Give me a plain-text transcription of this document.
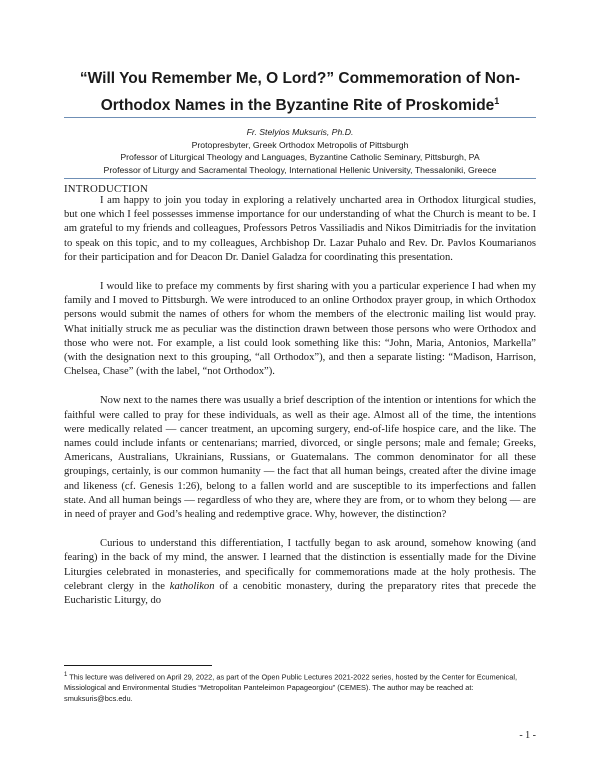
“Will You Remember Me, O Lord?” Commemoration of Non-Orthodox Names in the Byzantine Rite of Proskomide$^1$
Fr. Stelyios Muksuris, Ph.D.
Protopresbyter, Greek Orthodox Metropolis of Pittsburgh
Professor of Liturgical Theology and Languages, Byzantine Catholic Seminary, Pittsburgh, PA
Professor of Liturgy and Sacramental Theology, International Hellenic University, Thessaloniki, Greece
INTRODUCTION

I am happy to join you today in exploring a relatively uncharted area in Orthodox liturgical studies, but one which I feel possesses immense importance for our understanding of what the Church is meant to be. I am grateful to my friends and colleagues, Professors Petros Vassiliadis and Nikos Dimitriadis for the invitation to speak on this topic, and to my colleagues, Archbishop Dr. Lazar Puhalo and Rev. Dr. Pavlos Koumarianos for their participation and for Deacon Dr. Daniel Galadza for coordinating this presentation.

I would like to preface my comments by first sharing with you a particular experience I had when my family and I moved to Pittsburgh. We were introduced to an online Orthodox prayer group, in which Orthodox persons would submit the names of others for whom the members of the electronic mailing list would pray. What initially struck me as peculiar was the distinction drawn between those persons who were Orthodox and those who were not. For example, a list could look something like this: “John, Maria, Antonios, Markella” (with the designation next to this grouping, “all Orthodox”), and then a separate listing: “Madison, Harrison, Chelsea, Chase” (with the label, “not Orthodox”).

Now next to the names there was usually a brief description of the intention or intentions for which the faithful were called to pray for these individuals, as well as their age. Almost all of the time, the intentions were medically related — cancer treatment, an upcoming surgery, end-of-life hospice care, and the like. The names could include infants or centenarians; married, divorced, or single persons; male and female; Greeks, Americans, Australians, Ukrainians, Russians, or Guatemalans. The common denominator for all these groupings, certainly, is our common humanity — the fact that all human beings, created after the divine image and likeness (cf. Genesis 1:26), belong to a fallen world and are susceptible to its imperfections and fallen state. And all human beings — regardless of who they are, where they are from, or to whom they belong — are in need of prayer and God’s healing and redemptive grace. Why, however, the distinction?

Curious to understand this differentiation, I tactfully began to ask around, somehow knowing (and fearing) in the back of my mind, the answer. I learned that the distinction is essentially made for the Divine Liturgies celebrated in monasteries, and specifically for commemorations made at the holy prothesis. The celebrant clergy in the katholikon of a cenobitic monastery, during the preparatory rites that precede the Eucharistic Liturgy, do

$^1$ This lecture was delivered on April 29, 2022, as part of the Open Public Lectures 2021-2022 series, hosted by the Center for Ecumenical, Missiological and Environmental Studies “Metropolitan Panteleimon Papageorgiou” (CEMES). The author may be reached at: smuksuris@bcs.edu.
- 1 -
